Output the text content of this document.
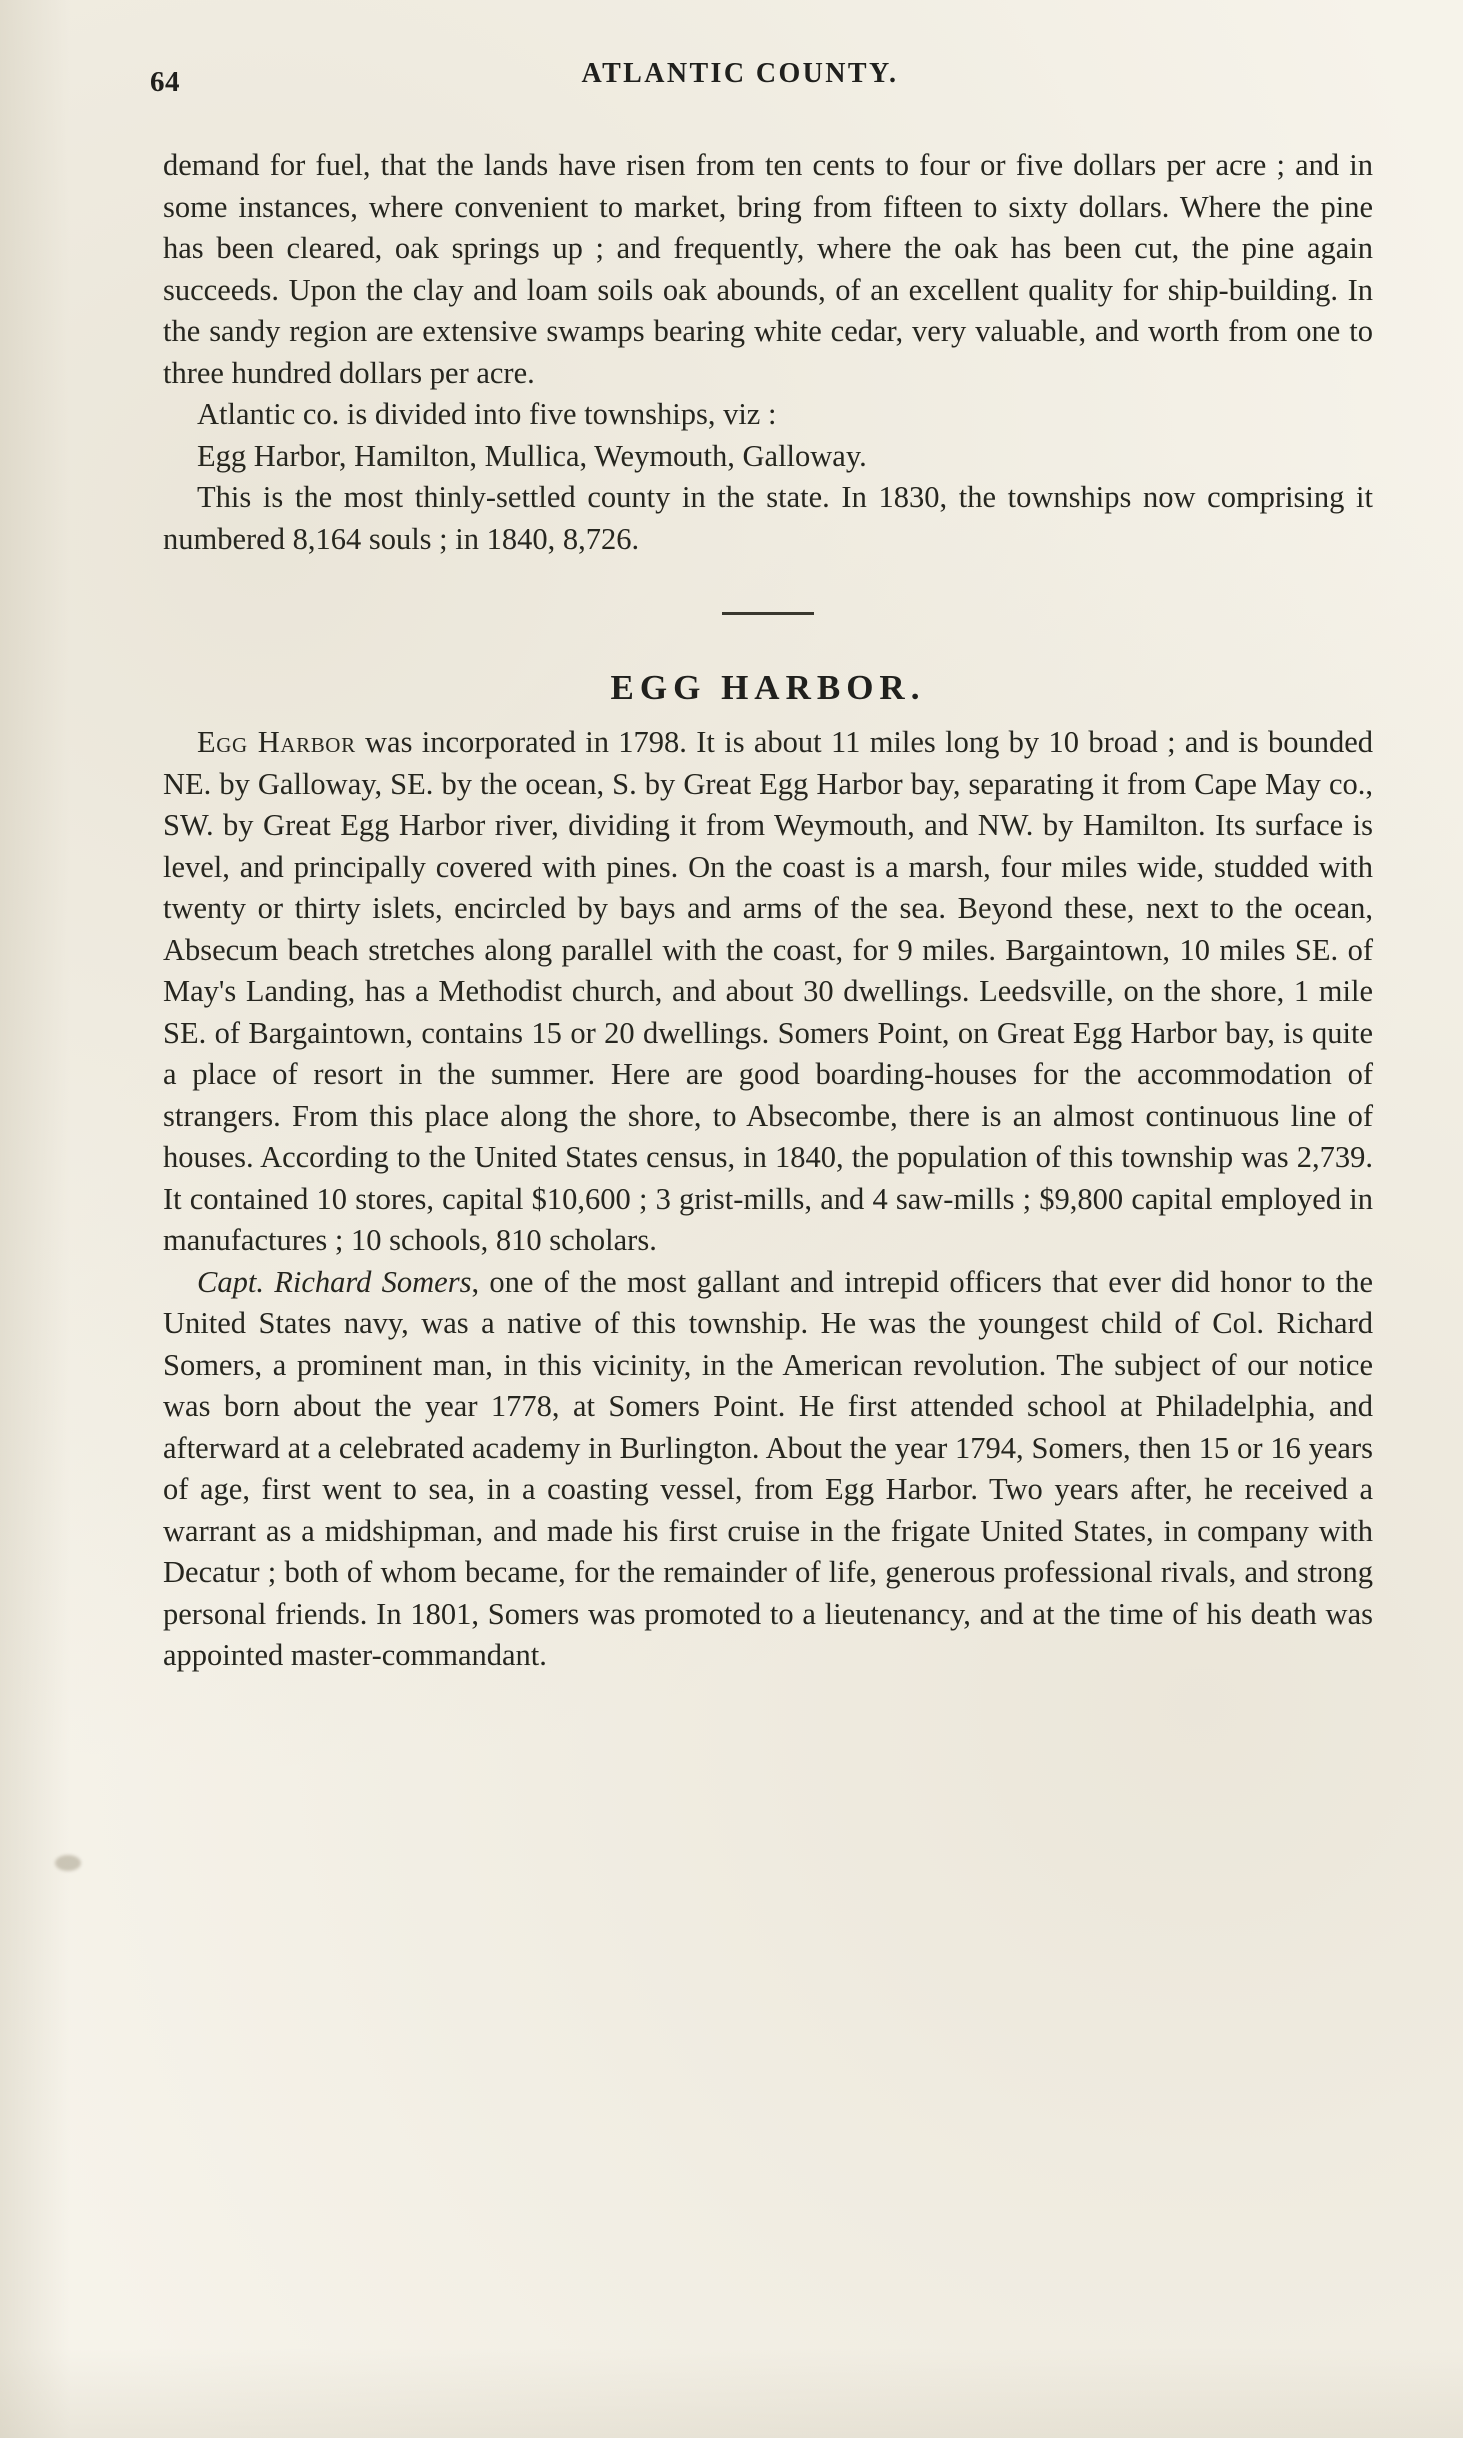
64	ATLANTIC COUNTY.

demand for fuel, that the lands have risen from ten cents to four or five dollars per acre ; and in some instances, where convenient to market, bring from fifteen to sixty dollars. Where the pine has been cleared, oak springs up ; and frequently, where the oak has been cut, the pine again succeeds. Upon the clay and loam soils oak abounds, of an excellent quality for ship-building. In the sandy region are extensive swamps bearing white cedar, very valuable, and worth from one to three hundred dollars per acre.

Atlantic co. is divided into five townships, viz :

Egg Harbor, Hamilton, Mullica, Weymouth, Galloway.

This is the most thinly-settled county in the state. In 1830, the townships now comprising it numbered 8,164 souls ; in 1840, 8,726.

EGG HARBOR.

Egg Harbor was incorporated in 1798. It is about 11 miles long by 10 broad ; and is bounded NE. by Galloway, SE. by the ocean, S. by Great Egg Harbor bay, separating it from Cape May co., SW. by Great Egg Harbor river, dividing it from Weymouth, and NW. by Hamilton. Its surface is level, and principally covered with pines. On the coast is a marsh, four miles wide, studded with twenty or thirty islets, encircled by bays and arms of the sea. Beyond these, next to the ocean, Absecum beach stretches along parallel with the coast, for 9 miles. Bargaintown, 10 miles SE. of May's Landing, has a Methodist church, and about 30 dwellings. Leedsville, on the shore, 1 mile SE. of Bargaintown, contains 15 or 20 dwellings. Somers Point, on Great Egg Harbor bay, is quite a place of resort in the summer. Here are good boarding-houses for the accommodation of strangers. From this place along the shore, to Absecombe, there is an almost continuous line of houses. According to the United States census, in 1840, the population of this township was 2,739. It contained 10 stores, capital $10,600 ; 3 grist-mills, and 4 saw-mills ; $9,800 capital employed in manufactures ; 10 schools, 810 scholars.

Capt. Richard Somers, one of the most gallant and intrepid officers that ever did honor to the United States navy, was a native of this township. He was the youngest child of Col. Richard Somers, a prominent man, in this vicinity, in the American revolution. The subject of our notice was born about the year 1778, at Somers Point. He first attended school at Philadelphia, and afterward at a celebrated academy in Burlington. About the year 1794, Somers, then 15 or 16 years of age, first went to sea, in a coasting vessel, from Egg Harbor. Two years after, he received a warrant as a midshipman, and made his first cruise in the frigate United States, in company with Decatur ; both of whom became, for the remainder of life, generous professional rivals, and strong personal friends. In 1801, Somers was promoted to a lieutenancy, and at the time of his death was appointed master-commandant.
